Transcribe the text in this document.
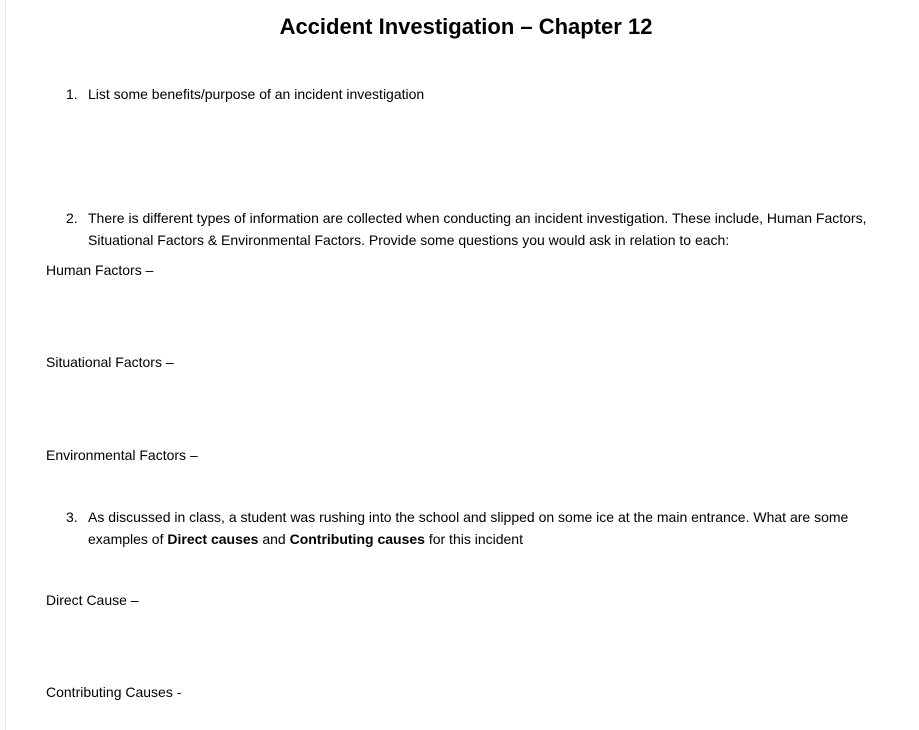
Accident Investigation – Chapter 12
1. List some benefits/purpose of an incident investigation
2. There is different types of information are collected when conducting an incident investigation. These include, Human Factors, Situational Factors & Environmental Factors. Provide some questions you would ask in relation to each:
Human Factors –
Situational Factors –
Environmental Factors –
3. As discussed in class, a student was rushing into the school and slipped on some ice at the main entrance. What are some examples of Direct causes and Contributing causes for this incident
Direct Cause –
Contributing Causes -
